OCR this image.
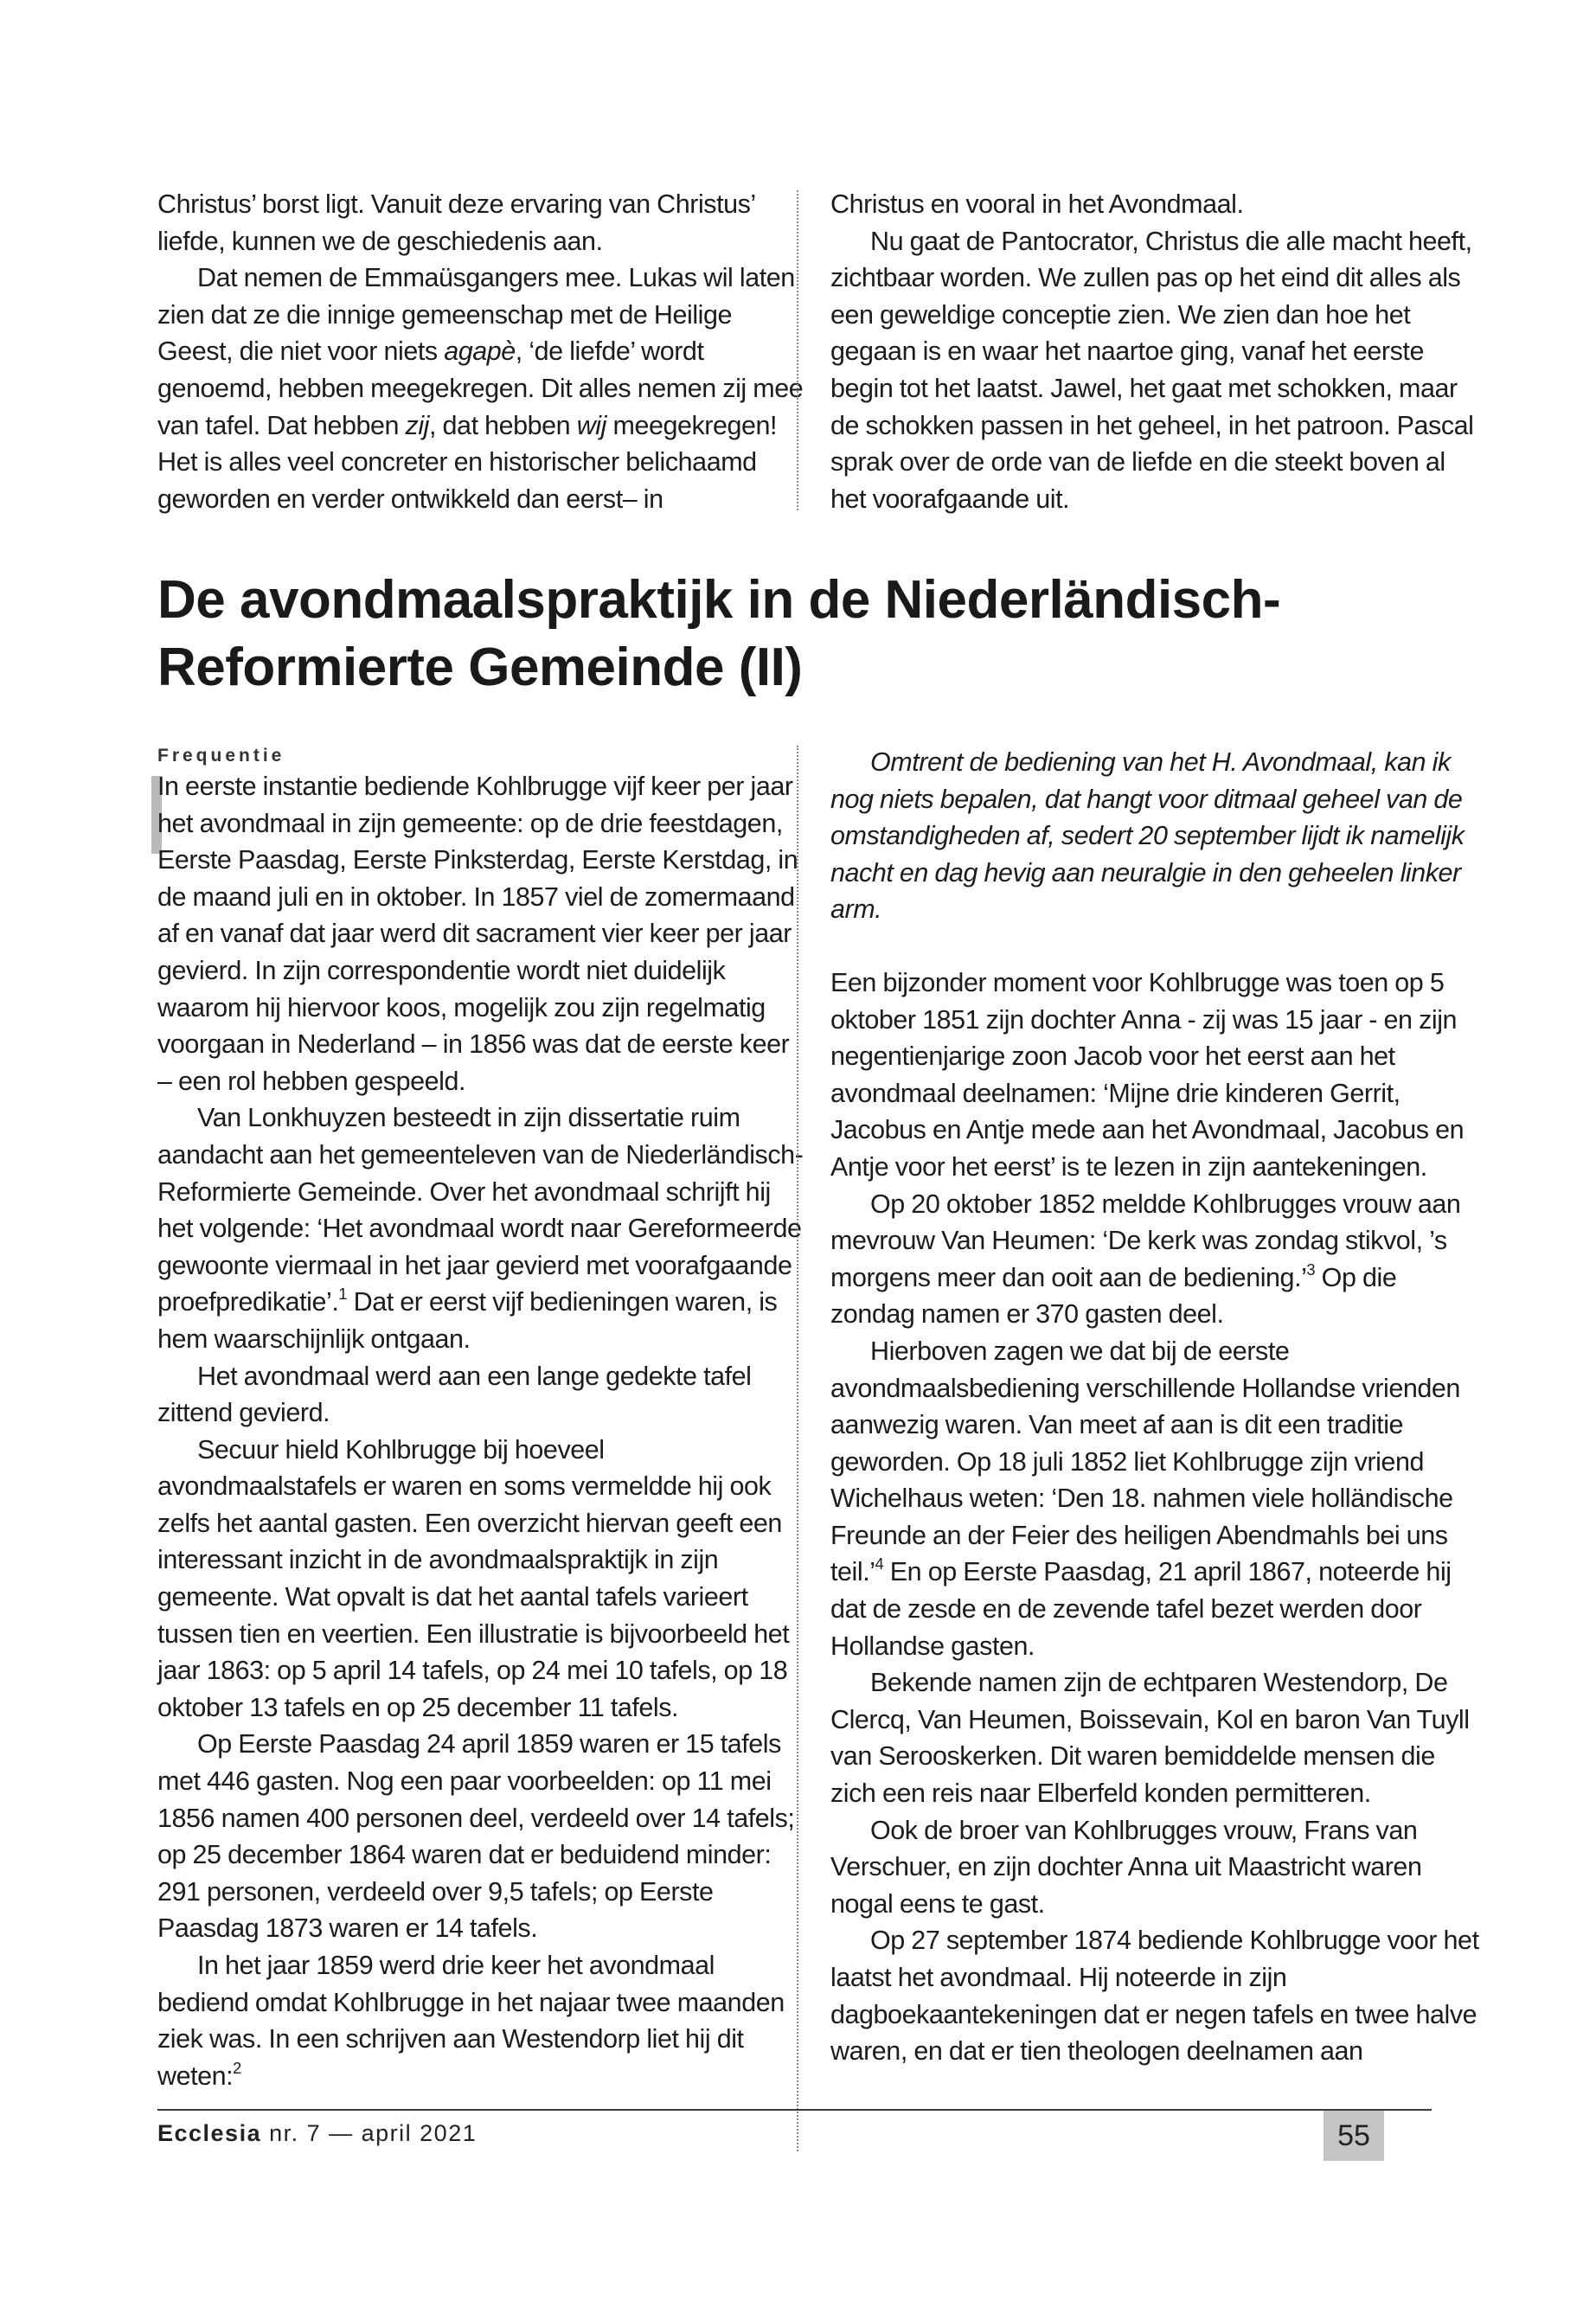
Christus’ borst ligt. Vanuit deze ervaring van Christus’ liefde, kunnen we de geschiedenis aan.

Dat nemen de Emmaüsgangers mee. Lukas wil laten zien dat ze die innige gemeenschap met de Heilige Geest, die niet voor niets agapè, ‘de liefde’ wordt genoemd, hebben meegekregen. Dit alles nemen zij mee van tafel. Dat hebben zij, dat hebben wij meegekregen! Het is alles veel concreter en historischer belichaamd geworden en verder ontwikkeld dan eerst– in

Christus en vooral in het Avondmaal.

Nu gaat de Pantocrator, Christus die alle macht heeft, zichtbaar worden. We zullen pas op het eind dit alles als een geweldige conceptie zien. We zien dan hoe het gegaan is en waar het naartoe ging, vanaf het eerste begin tot het laatst. Jawel, het gaat met schokken, maar de schokken passen in het geheel, in het patroon. Pascal sprak over de orde van de liefde en die steekt boven al het voorafgaande uit.

De avondmaalspraktijk in de Niederländisch-
Reformierte Gemeinde (II)
Frequentie

In eerste instantie bediende Kohlbrugge vijf keer per jaar het avondmaal in zijn gemeente: op de drie feestdagen, Eerste Paasdag, Eerste Pinksterdag, Eerste Kerstdag, in de maand juli en in oktober. In 1857 viel de zomermaand af en vanaf dat jaar werd dit sacrament vier keer per jaar gevierd. In zijn correspondentie wordt niet duidelijk waarom hij hiervoor koos, mogelijk zou zijn regelmatig voorgaan in Nederland – in 1856 was dat de eerste keer – een rol hebben gespeeld.

Van Lonkhuyzen besteedt in zijn dissertatie ruim aandacht aan het gemeenteleven van de Niederländisch-Reformierte Gemeinde. Over het avondmaal schrijft hij het volgende: ‘Het avondmaal wordt naar Gereformeerde gewoonte viermaal in het jaar gevierd met voorafgaande proefpredikatie’.$^1$ Dat er eerst vijf bedieningen waren, is hem waarschijnlijk ontgaan.

Het avondmaal werd aan een lange gedekte tafel zittend gevierd.

Secuur hield Kohlbrugge bij hoeveel avondmaalstafels er waren en soms vermeldde hij ook zelfs het aantal gasten. Een overzicht hiervan geeft een interessant inzicht in de avondmaalspraktijk in zijn gemeente. Wat opvalt is dat het aantal tafels varieert tussen tien en veertien. Een illustratie is bijvoorbeeld het jaar 1863: op 5 april 14 tafels, op 24 mei 10 tafels, op 18 oktober 13 tafels en op 25 december 11 tafels.

Op Eerste Paasdag 24 april 1859 waren er 15 tafels met 446 gasten. Nog een paar voorbeelden: op 11 mei 1856 namen 400 personen deel, verdeeld over 14 tafels; op 25 december 1864 waren dat er beduidend minder: 291 personen, verdeeld over 9,5 tafels; op Eerste Paasdag 1873 waren er 14 tafels.

In het jaar 1859 werd drie keer het avondmaal bediend omdat Kohlbrugge in het najaar twee maanden ziek was. In een schrijven aan Westendorp liet hij dit weten:$^2$

Omtrent de bediening van het H. Avondmaal, kan ik nog niets bepalen, dat hangt voor ditmaal geheel van de omstandigheden af, sedert 20 september lijdt ik namelijk nacht en dag hevig aan neuralgie in den geheelen linker arm.

Een bijzonder moment voor Kohlbrugge was toen op 5 oktober 1851 zijn dochter Anna - zij was 15 jaar - en zijn negentienjarige zoon Jacob voor het eerst aan het avondmaal deelnamen: ‘Mijne drie kinderen Gerrit, Jacobus en Antje mede aan het Avondmaal, Jacobus en Antje voor het eerst’ is te lezen in zijn aantekeningen.

Op 20 oktober 1852 meldde Kohlbrugges vrouw aan mevrouw Van Heumen: ‘De kerk was zondag stikvol, ’s morgens meer dan ooit aan de bediening.’$^3$ Op die zondag namen er 370 gasten deel.

Hierboven zagen we dat bij de eerste avondmaalsbediening verschillende Hollandse vrienden aanwezig waren. Van meet af aan is dit een traditie geworden. Op 18 juli 1852 liet Kohlbrugge zijn vriend Wichelhaus weten: ‘Den 18. nahmen viele holländische Freunde an der Feier des heiligen Abendmahls bei uns teil.’$^4$ En op Eerste Paasdag, 21 april 1867, noteerde hij dat de zesde en de zevende tafel bezet werden door Hollandse gasten.

Bekende namen zijn de echtparen Westendorp, De Clercq, Van Heumen, Boissevain, Kol en baron Van Tuyll van Serooskerken. Dit waren bemiddelde mensen die zich een reis naar Elberfeld konden permitteren.

Ook de broer van Kohlbrugges vrouw, Frans van Verschuer, en zijn dochter Anna uit Maastricht waren nogal eens te gast.

Op 27 september 1874 bediende Kohlbrugge voor het laatst het avondmaal. Hij noteerde in zijn dagboekaantekeningen dat er negen tafels en twee halve waren, en dat er tien theologen deelnamen aan

Ecclesia nr. 7 — april 2021	55
